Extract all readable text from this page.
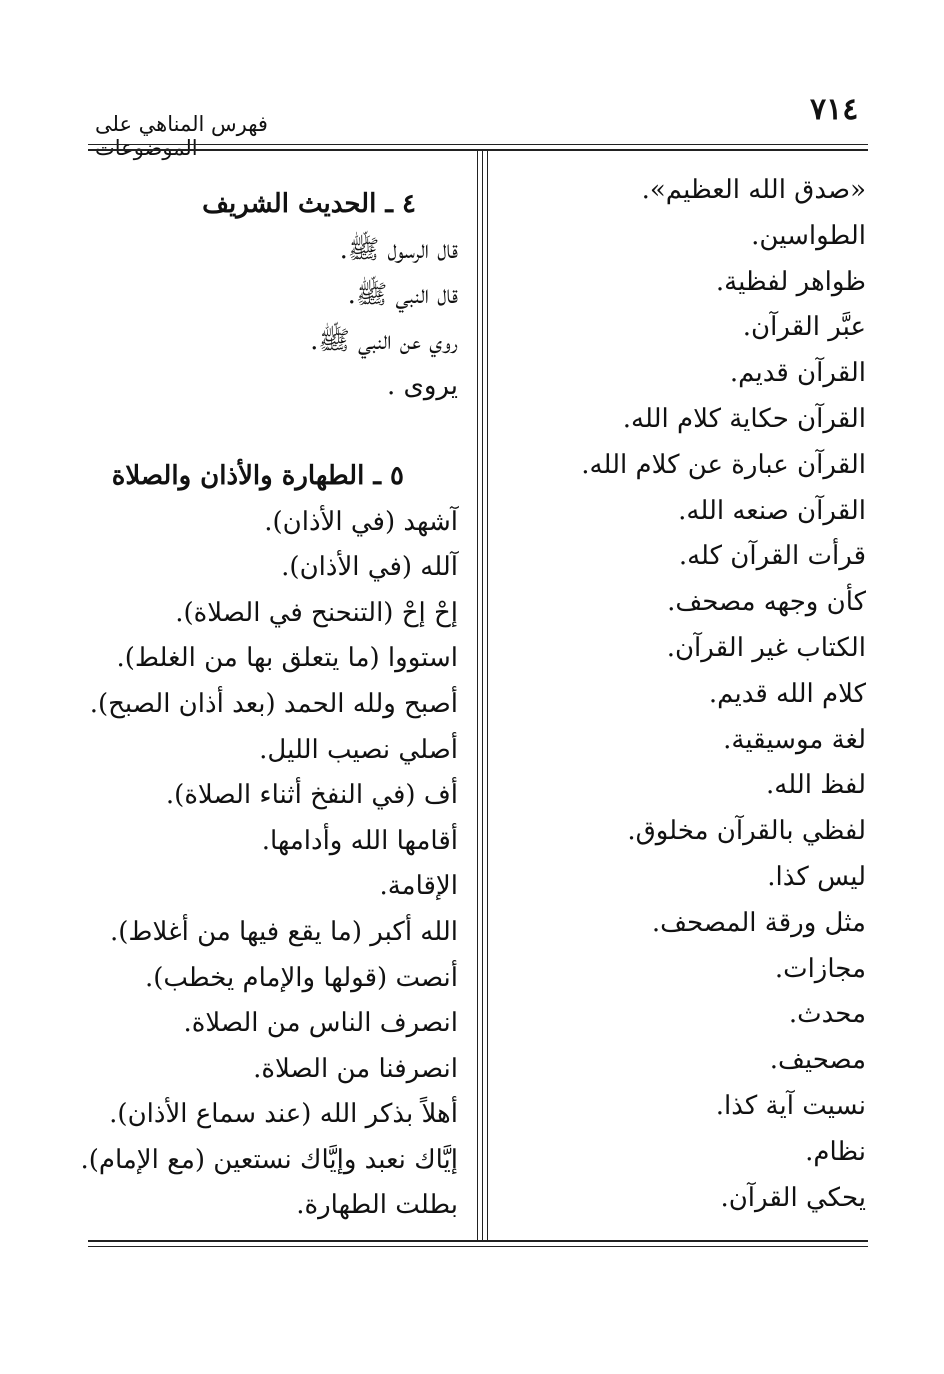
٧١٤
فهرس المناهي على الموضوعات
«صدق الله العظيم».
الطواسين.
ظواهر لفظية.
عبَّر القرآن.
القرآن قديم.
القرآن حكاية كلام الله.
القرآن عبارة عن كلام الله.
القرآن صنعه الله.
قرأت القرآن كله.
كأن وجهه مصحف.
الكتاب غير القرآن.
كلام الله قديم.
لغة موسيقية.
لفظ الله.
لفظي بالقرآن مخلوق.
ليس كذا.
مثل ورقة المصحف.
مجازات.
محدث.
مصحيف.
نسيت آية كذا.
نظام.
يحكي القرآن.
٤ ـ الحديث الشريف
قال الرسول ﷺ.
قال النبي ﷺ.
روي عن النبي ﷺ.
يروى .
٥ ـ الطهارة والأذان والصلاة
آشهد (في الأذان).
آلله (في الأذان).
إحْ إحْ (التنحنح في الصلاة).
استووا (ما يتعلق بها من الغلط).
أصبح ولله الحمد (بعد أذان الصبح).
أصلي نصيب الليل.
أف (في النفخ أثناء الصلاة).
أقامها الله وأدامها.
الإقامة.
الله أكبر (ما يقع فيها من أغلاط).
أنصت (قولها والإمام يخطب).
انصرف الناس من الصلاة.
انصرفنا من الصلاة.
أهلاً بذكر الله (عند سماع الأذان).
إيَّاك نعبد وإيَّاك نستعين (مع الإمام).
بطلت الطهارة.
